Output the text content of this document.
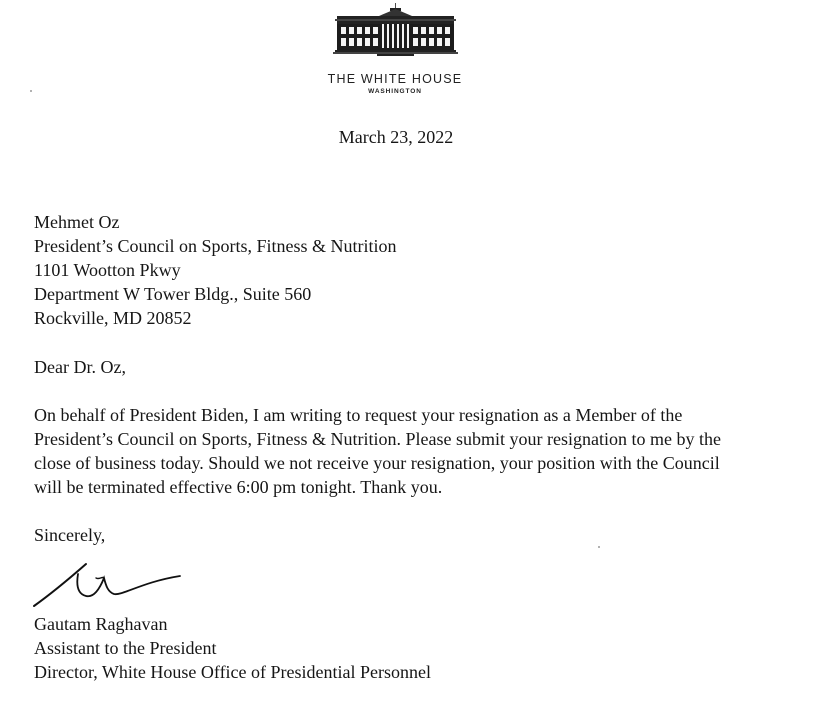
THE WHITE HOUSE
WASHINGTON
March 23, 2022
Mehmet Oz
President’s Council on Sports, Fitness & Nutrition
1101 Wootton Pkwy
Department W Tower Bldg., Suite 560
Rockville, MD 20852
Dear Dr. Oz,
On behalf of President Biden, I am writing to request your resignation as a Member of the
President’s Council on Sports, Fitness & Nutrition. Please submit your resignation to me by the
close of business today. Should we not receive your resignation, your position with the Council
will be terminated effective 6:00 pm tonight. Thank you.
Sincerely,
Gautam Raghavan
Assistant to the President
Director, White House Office of Presidential Personnel
